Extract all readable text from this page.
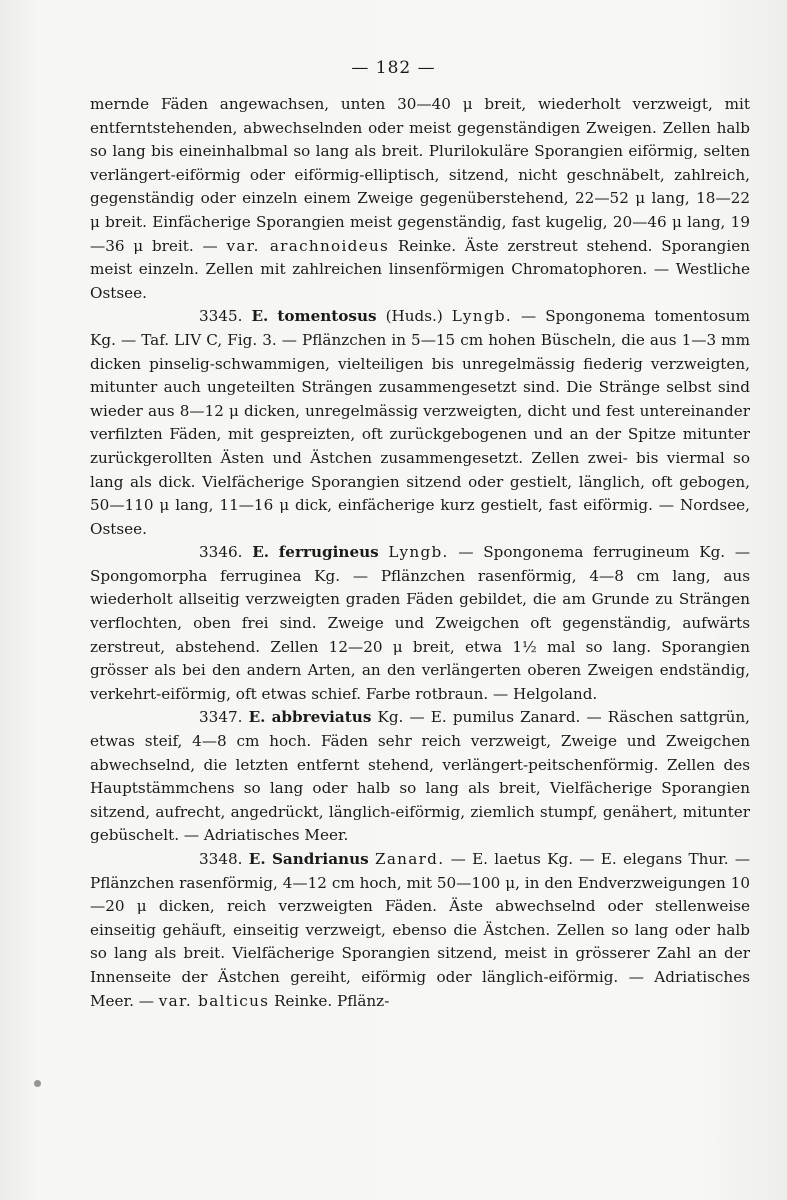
— 182 —

mernde Fäden angewachsen, unten 30—40 μ breit, wiederholt verzweigt, mit entferntstehenden, abwechselnden oder meist gegenständigen Zweigen. Zellen halb so lang bis eineinhalbmal so lang als breit. Plurilokuläre Sporangien eiförmig, selten verlängert-eiförmig oder eiförmig-elliptisch, sitzend, nicht geschnäbelt, zahlreich, gegenständig oder einzeln einem Zweige gegenüberstehend, 22—52 μ lang, 18—22 μ breit. Einfächerige Sporangien meist gegenständig, fast kugelig, 20—46 μ lang, 19—36 μ breit. — var. arachnoideus Reinke. Äste zerstreut stehend. Sporangien meist einzeln. Zellen mit zahlreichen linsenförmigen Chromatophoren. — Westliche Ostsee.

3345. E. tomentosus (Huds.) Lyngb. — Spongonema tomentosum Kg. — Taf. LIV C, Fig. 3. — Pflänzchen in 5—15 cm hohen Büscheln, die aus 1—3 mm dicken pinselig-schwammigen, vielteiligen bis unregelmässig fiederig verzweigten, mitunter auch ungeteilten Strängen zusammengesetzt sind. Die Stränge selbst sind wieder aus 8—12 μ dicken, unregelmässig verzweigten, dicht und fest untereinander verfilzten Fäden, mit gespreizten, oft zurückgebogenen und an der Spitze mitunter zurückgerollten Ästen und Ästchen zusammengesetzt. Zellen zwei- bis viermal so lang als dick. Vielfächerige Sporangien sitzend oder gestielt, länglich, oft gebogen, 50—110 μ lang, 11—16 μ dick, einfächerige kurz gestielt, fast eiförmig. — Nordsee, Ostsee.

3346. E. ferrugineus Lyngb. — Spongonema ferrugineum Kg. — Spongomorpha ferruginea Kg. — Pflänzchen rasenförmig, 4—8 cm lang, aus wiederholt allseitig verzweigten graden Fäden gebildet, die am Grunde zu Strängen verflochten, oben frei sind. Zweige und Zweigchen oft gegenständig, aufwärts zerstreut, abstehend. Zellen 12—20 μ breit, etwa 1½ mal so lang. Sporangien grösser als bei den andern Arten, an den verlängerten oberen Zweigen endständig, verkehrt-eiförmig, oft etwas schief. Farbe rotbraun. — Helgoland.

3347. E. abbreviatus Kg. — E. pumilus Zanard. — Räschen sattgrün, etwas steif, 4—8 cm hoch. Fäden sehr reich verzweigt, Zweige und Zweigchen abwechselnd, die letzten entfernt stehend, verlängert-peitschenförmig. Zellen des Hauptstämmchens so lang oder halb so lang als breit, Vielfächerige Sporangien sitzend, aufrecht, angedrückt, länglich-eiförmig, ziemlich stumpf, genähert, mitunter gebüschelt. — Adriatisches Meer.

3348. E. Sandrianus Zanard. — E. laetus Kg. — E. elegans Thur. — Pflänzchen rasenförmig, 4—12 cm hoch, mit 50—100 μ, in den Endverzweigungen 10—20 μ dicken, reich verzweigten Fäden. Äste abwechselnd oder stellenweise einseitig gehäuft, einseitig verzweigt, ebenso die Ästchen. Zellen so lang oder halb so lang als breit. Vielfächerige Sporangien sitzend, meist in grösserer Zahl an der Innenseite der Ästchen gereiht, eiförmig oder länglich-eiförmig. — Adriatisches Meer. — var. balticus Reinke. Pflänz-
